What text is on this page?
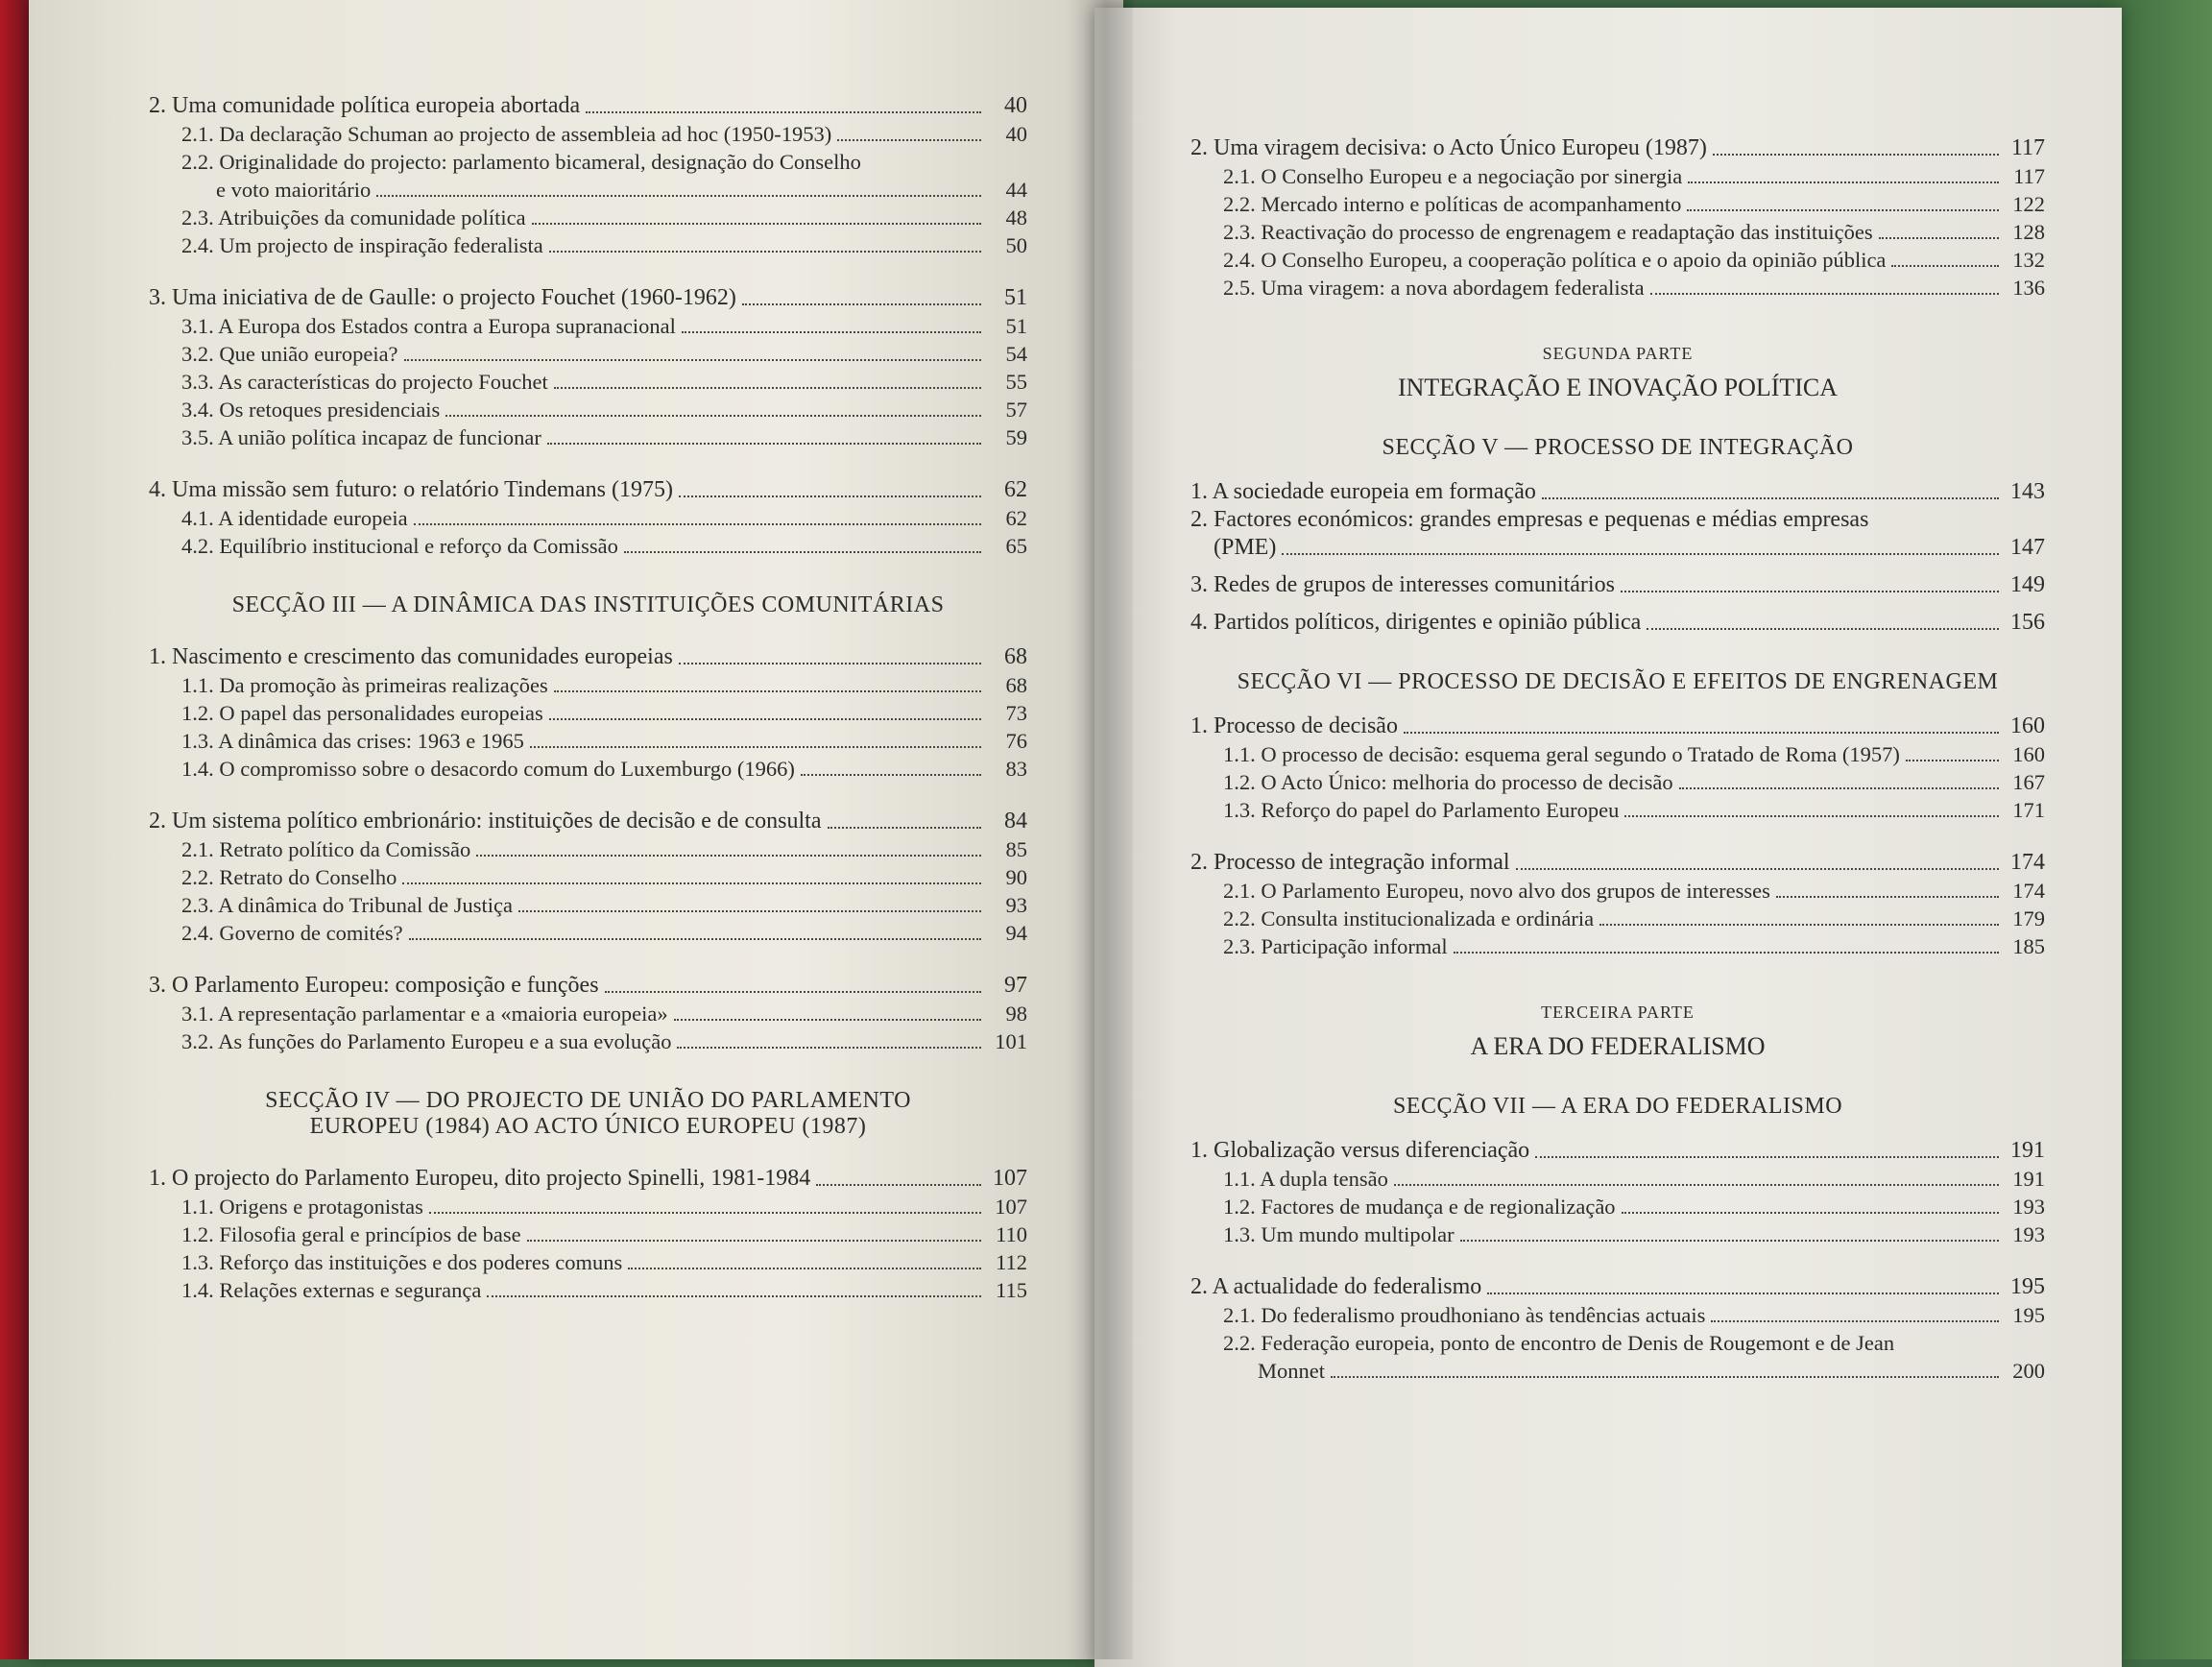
2. Uma comunidade política europeia abortada	40
2.1. Da declaração Schuman ao projecto de assembleia ad hoc (1950-1953)	40
2.2. Originalidade do projecto: parlamento bicameral, designação do Conselho
e voto maioritário	44
2.3. Atribuições da comunidade política	48
2.4. Um projecto de inspiração federalista	50
3. Uma iniciativa de de Gaulle: o projecto Fouchet (1960-1962)	51
3.1. A Europa dos Estados contra a Europa supranacional	51
3.2. Que união europeia?	54
3.3. As características do projecto Fouchet	55
3.4. Os retoques presidenciais	57
3.5. A união política incapaz de funcionar	59
4. Uma missão sem futuro: o relatório Tindemans (1975)	62
4.1. A identidade europeia	62
4.2. Equilíbrio institucional e reforço da Comissão	65
SECÇÃO III — A DINÂMICA DAS INSTITUIÇÕES COMUNITÁRIAS
1. Nascimento e crescimento das comunidades europeias	68
1.1. Da promoção às primeiras realizações	68
1.2. O papel das personalidades europeias	73
1.3. A dinâmica das crises: 1963 e 1965	76
1.4. O compromisso sobre o desacordo comum do Luxemburgo (1966)	83
2. Um sistema político embrionário: instituições de decisão e de consulta	84
2.1. Retrato político da Comissão	85
2.2. Retrato do Conselho	90
2.3. A dinâmica do Tribunal de Justiça	93
2.4. Governo de comités?	94
3. O Parlamento Europeu: composição e funções	97
3.1. A representação parlamentar e a «maioria europeia»	98
3.2. As funções do Parlamento Europeu e a sua evolução	101
SECÇÃO IV — DO PROJECTO DE UNIÃO DO PARLAMENTO
EUROPEU (1984) AO ACTO ÚNICO EUROPEU (1987)
1. O projecto do Parlamento Europeu, dito projecto Spinelli, 1981-1984	107
1.1. Origens e protagonistas	107
1.2. Filosofia geral e princípios de base	110
1.3. Reforço das instituições e dos poderes comuns	112
1.4. Relações externas e segurança	115
2. Uma viragem decisiva: o Acto Único Europeu (1987)	117
2.1. O Conselho Europeu e a negociação por sinergia	117
2.2. Mercado interno e políticas de acompanhamento	122
2.3. Reactivação do processo de engrenagem e readaptação das instituições	128
2.4. O Conselho Europeu, a cooperação política e o apoio da opinião pública	132
2.5. Uma viragem: a nova abordagem federalista	136
SEGUNDA PARTE
INTEGRAÇÃO E INOVAÇÃO POLÍTICA
SECÇÃO V — PROCESSO DE INTEGRAÇÃO
1. A sociedade europeia em formação	143
2. Factores económicos: grandes empresas e pequenas e médias empresas
(PME)	147
3. Redes de grupos de interesses comunitários	149
4. Partidos políticos, dirigentes e opinião pública	156
SECÇÃO VI — PROCESSO DE DECISÃO E EFEITOS DE ENGRENAGEM
1. Processo de decisão	160
1.1. O processo de decisão: esquema geral segundo o Tratado de Roma (1957)	160
1.2. O Acto Único: melhoria do processo de decisão	167
1.3. Reforço do papel do Parlamento Europeu	171
2. Processo de integração informal	174
2.1. O Parlamento Europeu, novo alvo dos grupos de interesses	174
2.2. Consulta institucionalizada e ordinária	179
2.3. Participação informal	185
TERCEIRA PARTE
A ERA DO FEDERALISMO
SECÇÃO VII — A ERA DO FEDERALISMO
1. Globalização versus diferenciação	191
1.1. A dupla tensão	191
1.2. Factores de mudança e de regionalização	193
1.3. Um mundo multipolar	193
2. A actualidade do federalismo	195
2.1. Do federalismo proudhoniano às tendências actuais	195
2.2. Federação europeia, ponto de encontro de Denis de Rougemont e de Jean
Monnet	200
